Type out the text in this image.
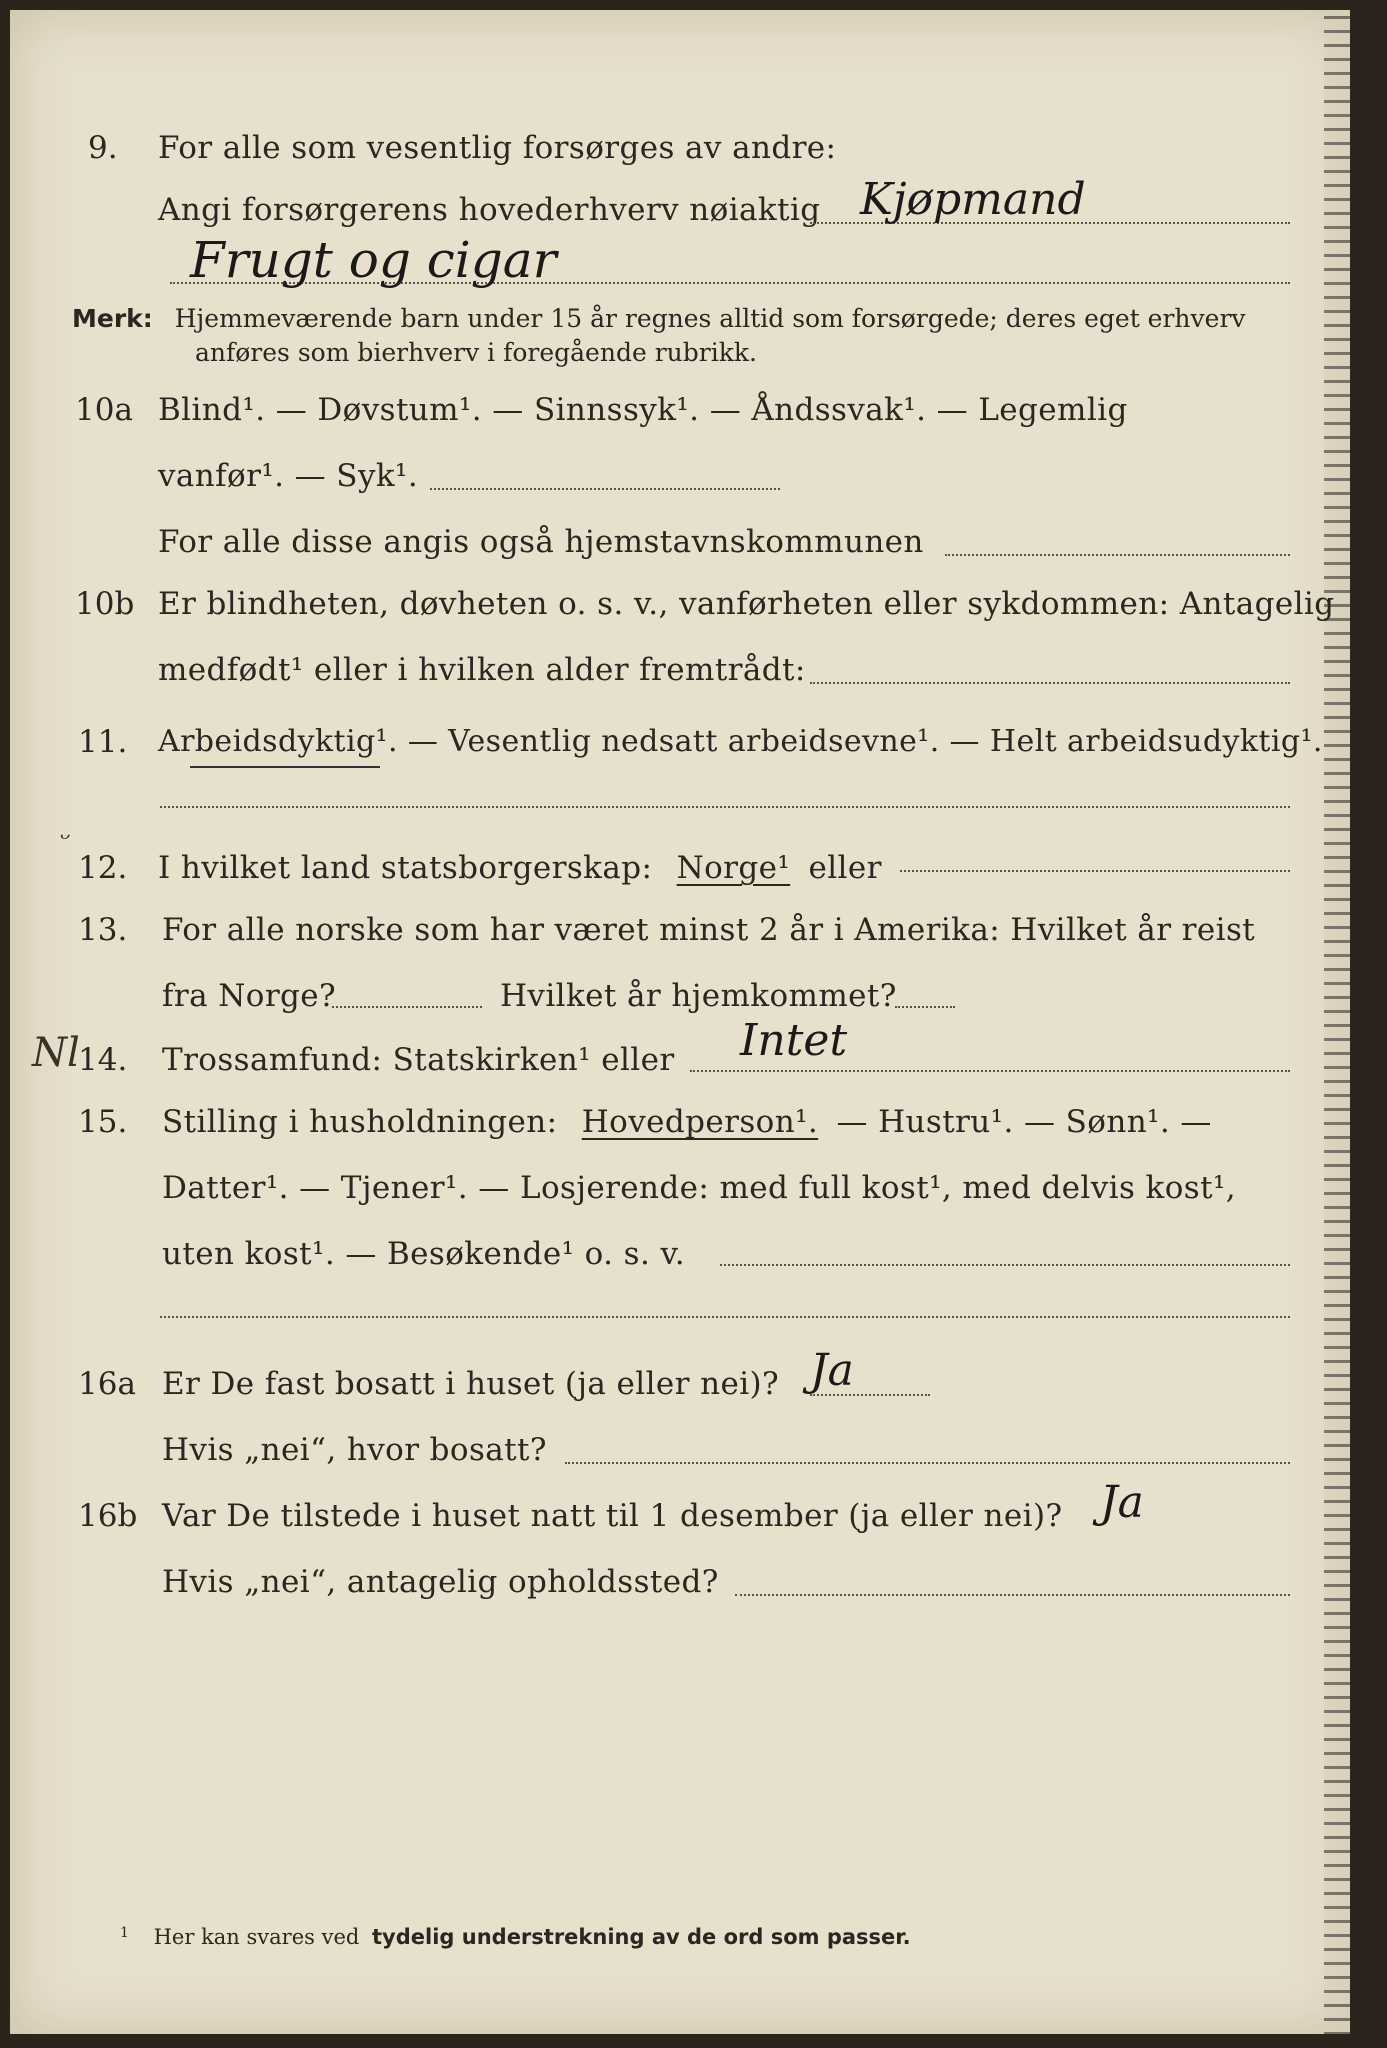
9. For alle som vesentlig forsørges av andre:
Angi forsørgerens hovederhverv nøiaktig Kjøpmand
Frugt og cigar
Merk: Hjemmeværende barn under 15 år regnes alltid som forsørgede; deres eget erhverv
anføres som bierhverv i foregående rubrikk.
10a Blind¹. — Døvstum¹. — Sinnssyk¹. — Åndssvak¹. — Legemlig
vanfør¹. — Syk¹.
For alle disse angis også hjemstavnskommunen
10b Er blindheten, døvheten o. s. v., vanførheten eller sykdommen: Antagelig
medfødt¹ eller i hvilken alder fremtrådt:
11. Arbeidsdyktig¹. — Vesentlig nedsatt arbeidsevne¹. — Helt arbeidsudyktig¹.
ᵕ
12. I hvilket land statsborgerskap: Norge¹ eller
13. For alle norske som har været minst 2 år i Amerika: Hvilket år reist
fra Norge?	Hvilket år hjemkommet?
Nl
14. Trossamfund: Statskirken¹ eller Intet
15. Stilling i husholdningen: Hovedperson¹. — Hustru¹. — Sønn¹. —
Datter¹. — Tjener¹. — Losjerende: med full kost¹, med delvis kost¹,
uten kost¹. — Besøkende¹ o. s. v.
16a Er De fast bosatt i huset (ja eller nei)? Ja
Hvis „nei“, hvor bosatt?
16b Var De tilstede i huset natt til 1 desember (ja eller nei)? Ja
Hvis „nei“, antagelig opholdssted?
$^1$ Her kan svares ved tydelig understrekning av de ord som passer.
